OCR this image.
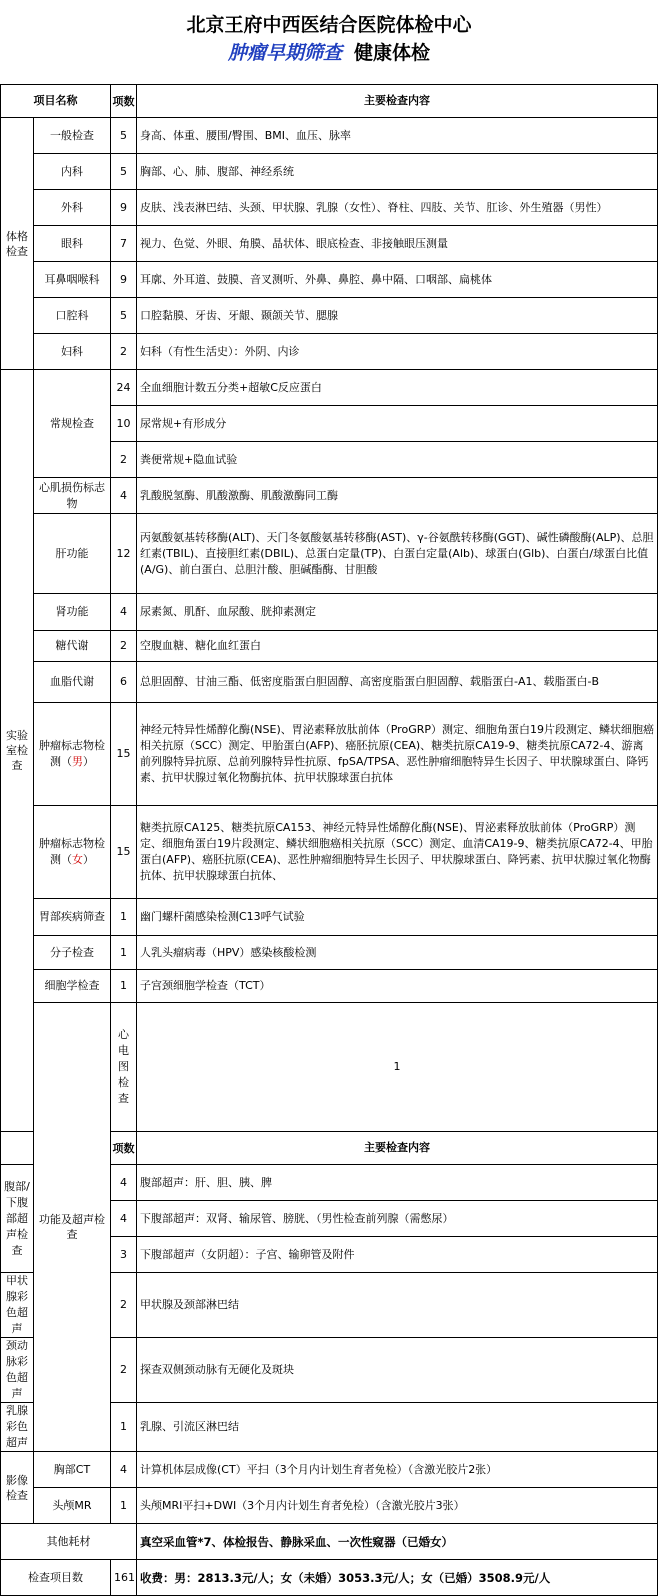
北京王府中西医结合医院体检中心
肿瘤早期筛查 健康体检
项目名称		项数	主要检查内容	
体格检查	一般检查	5	身高、体重、腰围/臀围、BMI、血压、脉率	
	内科	5	胸部、心、肺、腹部、神经系统	
	外科	9	皮肤、浅表淋巴结、头颈、甲状腺、乳腺（女性）、脊柱、四肢、关节、肛诊、外生殖器（男性）	
	眼科	7	视力、色觉、外眼、角膜、晶状体、眼底检查、非接触眼压测量	
	耳鼻咽喉科	9	耳廓、外耳道、鼓膜、音叉测听、外鼻、鼻腔、鼻中隔、口咽部、扁桃体	
	口腔科	5	口腔黏膜、牙齿、牙龈、颞颌关节、腮腺	
	妇科	2	妇科（有性生活史）：外阴、内诊	
实验室检查	常规检查	24	全血细胞计数五分类+超敏C反应蛋白	
		10	尿常规+有形成分	
		2	粪便常规+隐血试验	
	心肌损伤标志物	4	乳酸脱氢酶、肌酸激酶、肌酸激酶同工酶	
	肝功能	12	丙氨酸氨基转移酶(ALT)、天门冬氨酸氨基转移酶(AST)、γ-谷氨酰转移酶(GGT)、碱性磷酸酶(ALP)、总胆红素(TBIL)、直接胆红素(DBIL)、总蛋白定量(TP)、白蛋白定量(Alb)、球蛋白(Glb)、白蛋白/球蛋白比值(A/G)、前白蛋白、总胆汁酸、胆碱酯酶、甘胆酸	
	肾功能	4	尿素氮、肌酐、血尿酸、胱抑素测定	
	糖代谢	2	空腹血糖、糖化血红蛋白	
	血脂代谢	6	总胆固醇、甘油三酯、低密度脂蛋白胆固醇、高密度脂蛋白胆固醇、载脂蛋白-A1、载脂蛋白-B	
	肿瘤标志物检测（男）	15	神经元特异性烯醇化酶(NSE)、胃泌素释放肽前体（ProGRP）测定、细胞角蛋白19片段测定、鳞状细胞癌相关抗原（SCC）测定、甲胎蛋白(AFP)、癌胚抗原(CEA)、糖类抗原CA19-9、糖类抗原CA72-4、游离前列腺特异抗原、总前列腺特异性抗原、fpSA/TPSA、恶性肿瘤细胞特异生长因子、甲状腺球蛋白、降钙素、抗甲状腺过氧化物酶抗体、抗甲状腺球蛋白抗体	
	肿瘤标志物检测（女）	15	糖类抗原CA125、糖类抗原CA153、神经元特异性烯醇化酶(NSE)、胃泌素释放肽前体（ProGRP）测定、细胞角蛋白19片段测定、鳞状细胞癌相关抗原（SCC）测定、血清CA19-9、糖类抗原CA72-4、甲胎蛋白(AFP)、癌胚抗原(CEA)、恶性肿瘤细胞特异生长因子、甲状腺球蛋白、降钙素、抗甲状腺过氧化物酶抗体、抗甲状腺球蛋白抗体、	
	胃部疾病筛查	1	幽门螺杆菌感染检测C13呼气试验	
	分子检查	1	人乳头瘤病毒（HPV）感染核酸检测	
	细胞学检查	1	子宫颈细胞学检查（TCT）	
	功能及超声检查	心电图检查	1	
		项数	主要检查内容	
腹部/下腹部超声检查		4	腹部超声：肝、胆、胰、脾	
		4	下腹部超声：双肾、输尿管、膀胱、（男性检查前列腺（需憋尿）	
		3	下腹部超声（女阴超）：子宫、输卵管及附件	
甲状腺彩色超声		2	甲状腺及颈部淋巴结	
颈动脉彩色超声		2	探查双侧颈动脉有无硬化及斑块	
乳腺彩色超声		1	乳腺、引流区淋巴结	
影像检查	胸部CT	4	计算机体层成像(CT）平扫（3个月内计划生育者免检）（含激光胶片2张）	
	头颅MR	1	头颅MRI平扫+DWI（3个月内计划生育者免检）（含激光胶片3张）	
其他耗材			真空采血管*7、体检报告、静脉采血、一次性窥器（已婚女）	
检查项目数		161	收费：男：2813.3元/人；女（未婚）3053.3元/人；女（已婚）3508.9元/人	
